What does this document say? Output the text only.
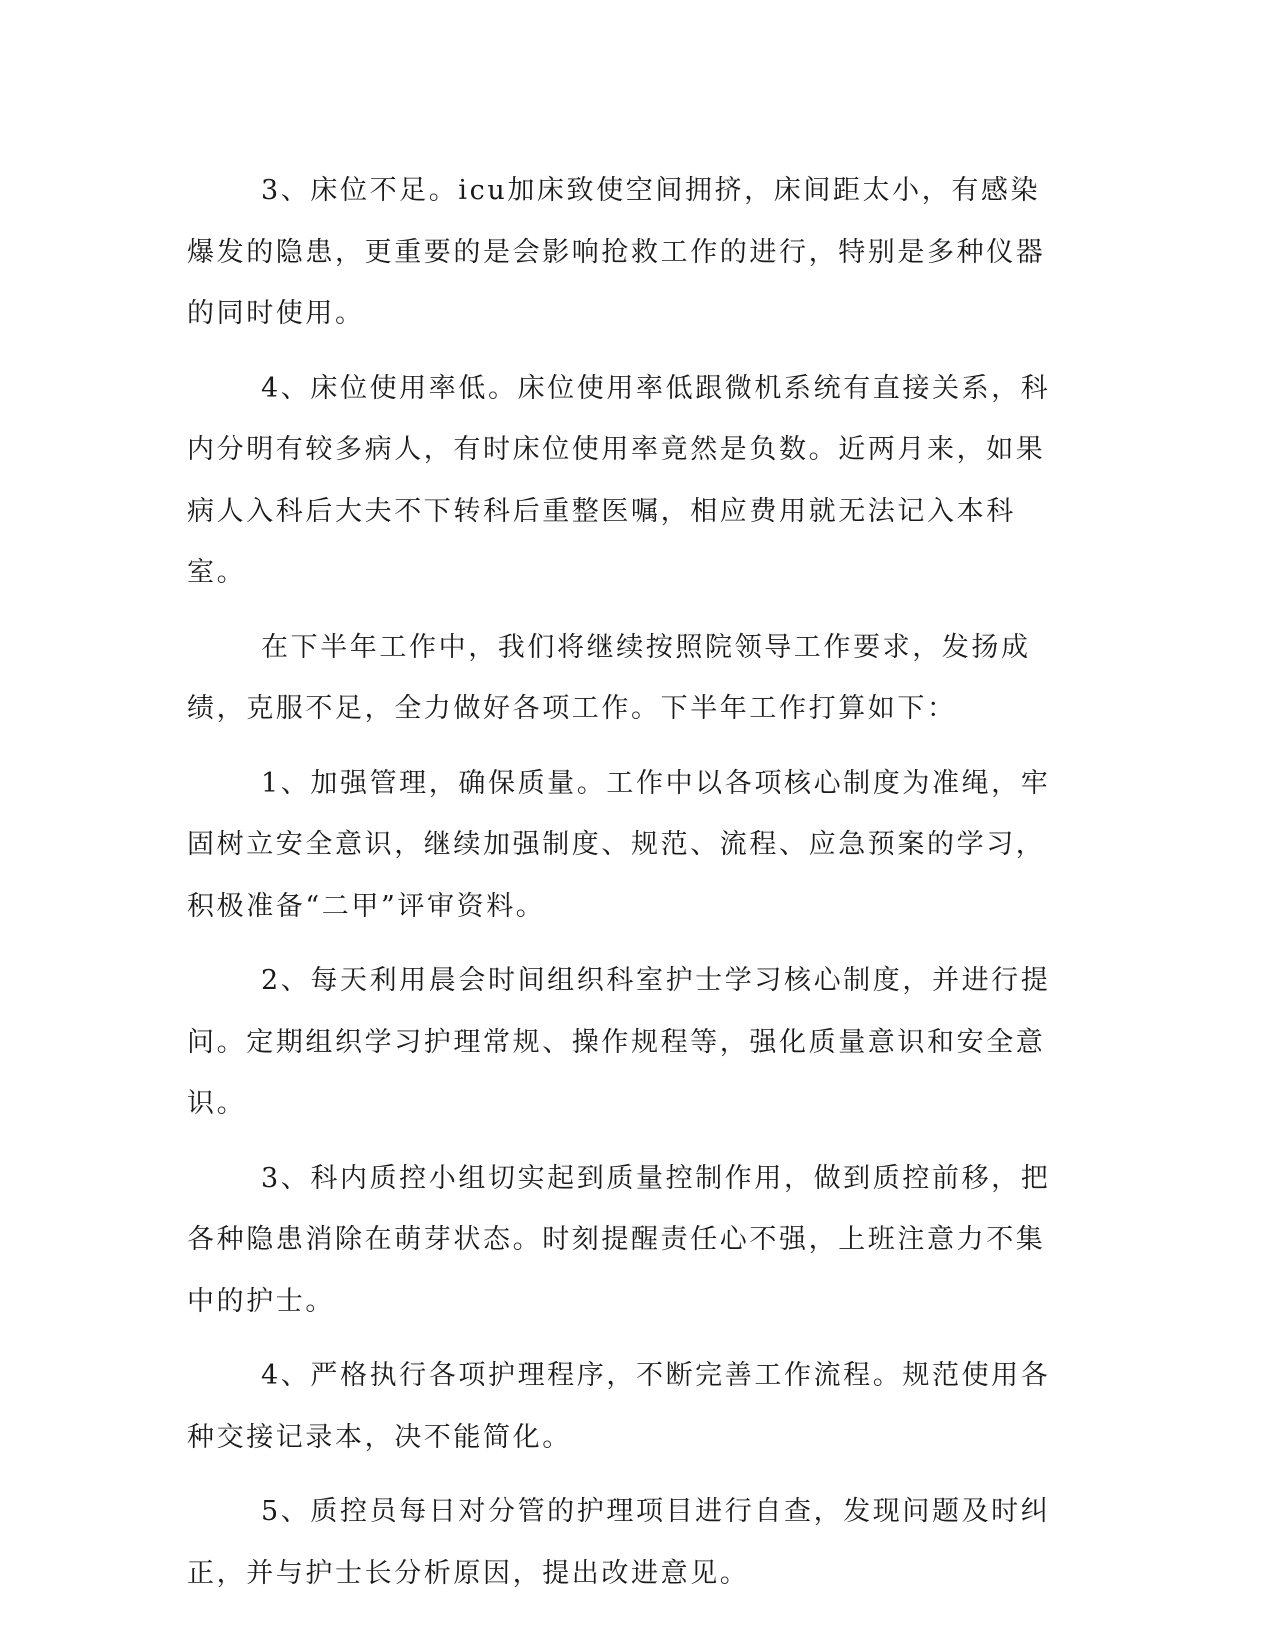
3、床位不足。icu加床致使空间拥挤，床间距太小，有感染爆发的隐患，更重要的是会影响抢救工作的进行，特别是多种仪器的同时使用。

4、床位使用率低。床位使用率低跟微机系统有直接关系，科内分明有较多病人，有时床位使用率竟然是负数。近两月来，如果病人入科后大夫不下转科后重整医嘱，相应费用就无法记入本科室。

在下半年工作中，我们将继续按照院领导工作要求，发扬成绩，克服不足，全力做好各项工作。下半年工作打算如下：

1、加强管理，确保质量。工作中以各项核心制度为准绳，牢固树立安全意识，继续加强制度、规范、流程、应急预案的学习，积极准备“二甲”评审资料。

2、每天利用晨会时间组织科室护士学习核心制度，并进行提问。定期组织学习护理常规、操作规程等，强化质量意识和安全意识。

3、科内质控小组切实起到质量控制作用，做到质控前移，把各种隐患消除在萌芽状态。时刻提醒责任心不强，上班注意力不集中的护士。

4、严格执行各项护理程序，不断完善工作流程。规范使用各种交接记录本，决不能简化。

5、质控员每日对分管的护理项目进行自查，发现问题及时纠正，并与护士长分析原因，提出改进意见。
